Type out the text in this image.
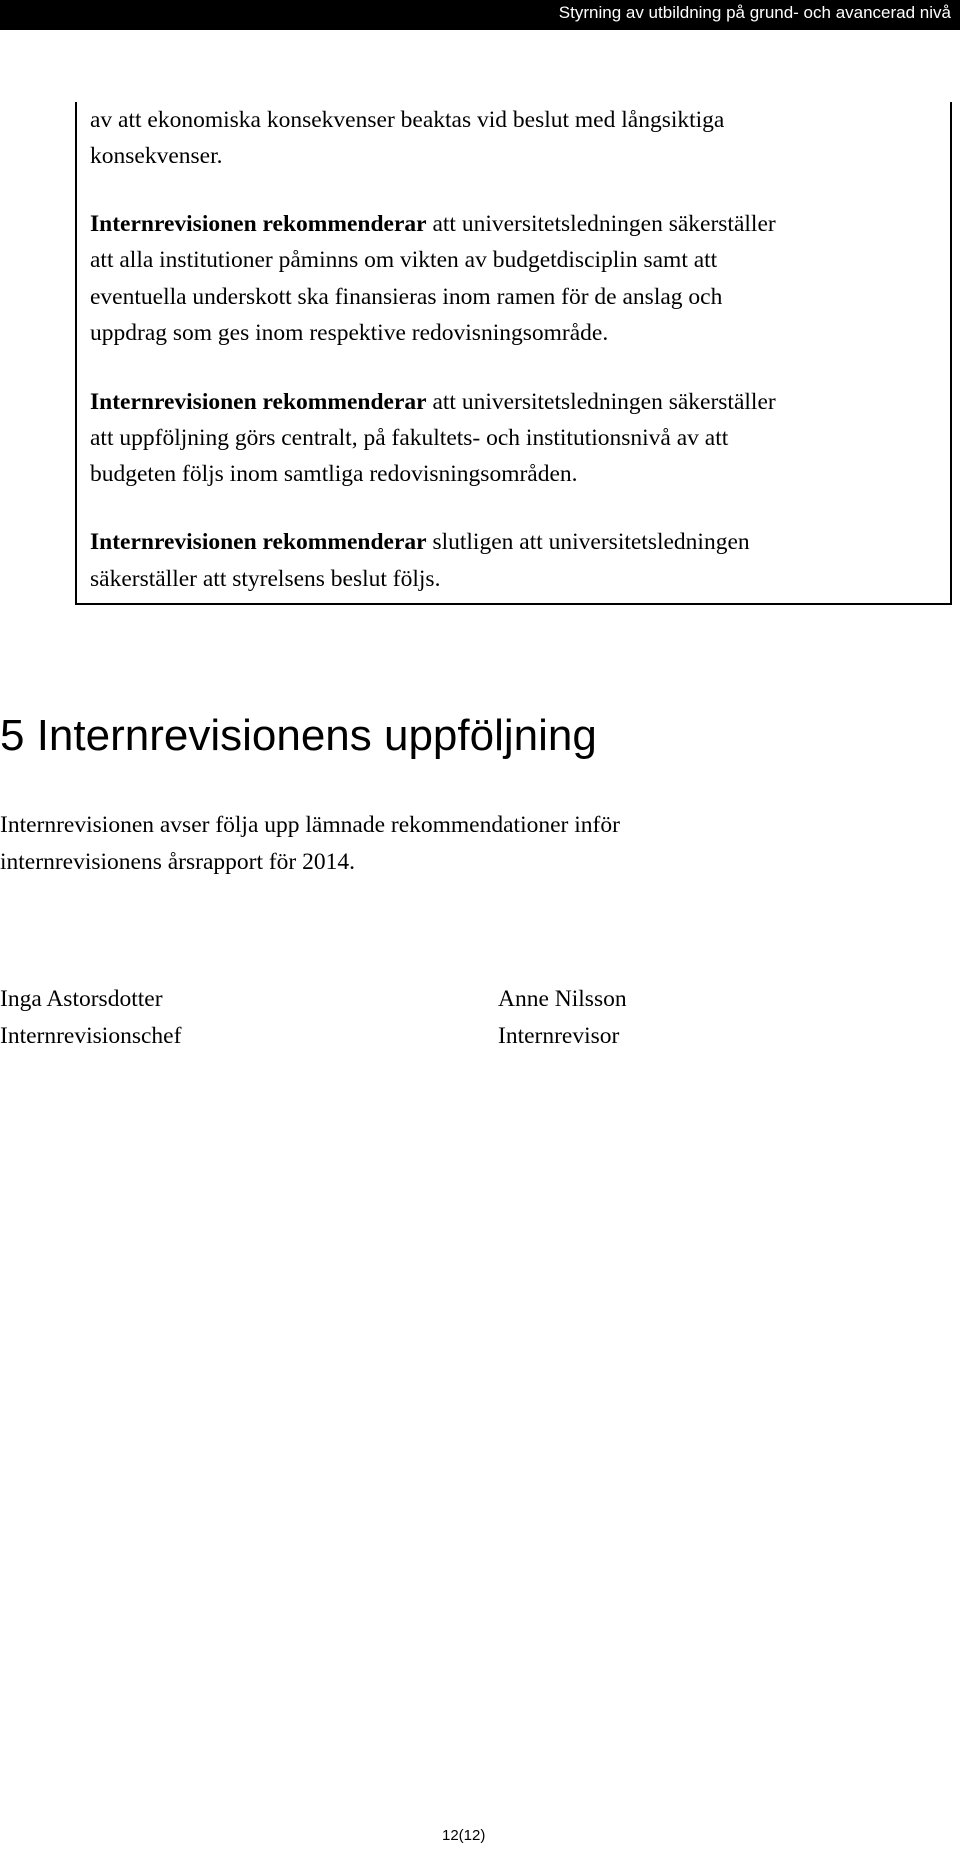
Styrning av utbildning på grund- och avancerad nivå

av att ekonomiska konsekvenser beaktas vid beslut med långsiktiga

konsekvenser.

Internrevisionen rekommenderar att universitetsledningen säkerställer

att alla institutioner påminns om vikten av budgetdisciplin samt att

eventuella underskott ska finansieras inom ramen för de anslag och

uppdrag som ges inom respektive redovisningsområde.

Internrevisionen rekommenderar att universitetsledningen säkerställer

att uppföljning görs centralt, på fakultets- och institutionsnivå av att

budgeten följs inom samtliga redovisningsområden.

Internrevisionen rekommenderar slutligen att universitetsledningen

säkerställer att styrelsens beslut följs.

5 Internrevisionens uppföljning

Internrevisionen avser följa upp lämnade rekommendationer inför

internrevisionens årsrapport för 2014.

Inga Astorsdotter

Internrevisionschef

Anne Nilsson

Internrevisor

12(12)
